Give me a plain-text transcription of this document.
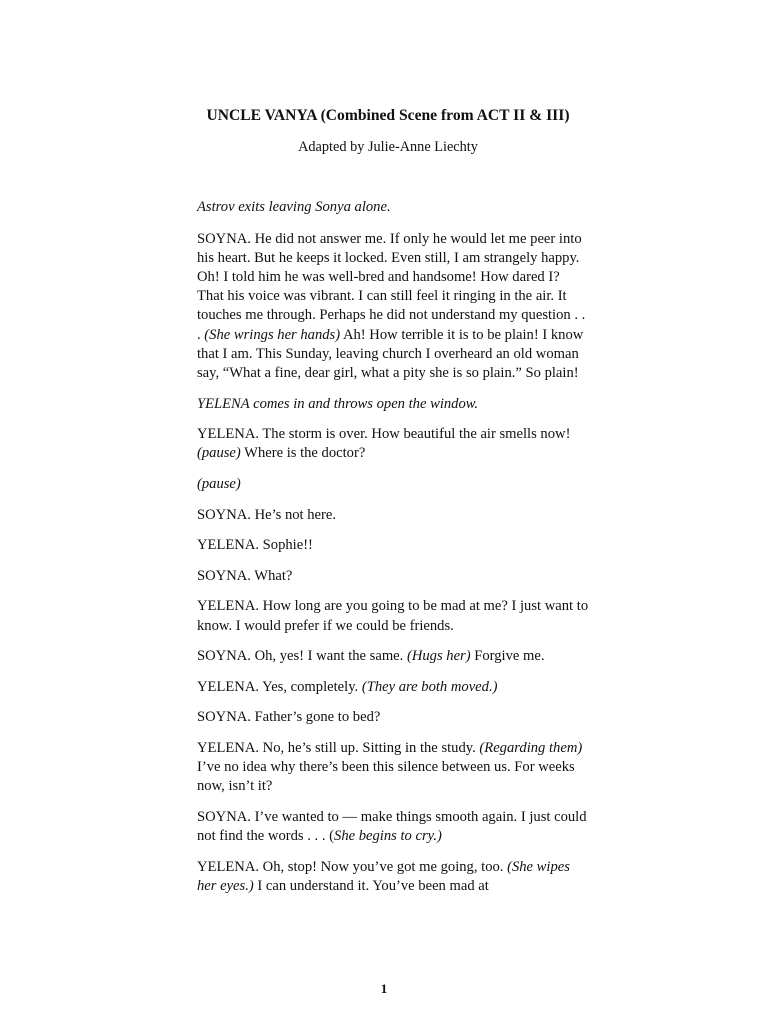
UNCLE VANYA (Combined Scene from ACT II & III)
Adapted by Julie-Anne Liechty

Astrov exits leaving Sonya alone.

SOYNA. He did not answer me. If only he would let me peer into his heart. But he keeps it locked. Even still, I am strangely happy. Oh! I told him he was well-bred and handsome! How dared I? That his voice was vibrant. I can still feel it ringing in the air. It touches me through. Perhaps he did not understand my question . . . (She wrings her hands) Ah! How terrible it is to be plain! I know that I am. This Sunday, leaving church I overheard an old woman say, “What a fine, dear girl, what a pity she is so plain.” So plain!

YELENA comes in and throws open the window.

YELENA. The storm is over. How beautiful the air smells now! (pause) Where is the doctor?

(pause)

SOYNA. He’s not here.

YELENA. Sophie!!

SOYNA. What?

YELENA. How long are you going to be mad at me? I just want to know. I would prefer if we could be friends.

SOYNA. Oh, yes! I want the same. (Hugs her) Forgive me.

YELENA. Yes, completely. (They are both moved.)

SOYNA. Father’s gone to bed?

YELENA. No, he’s still up. Sitting in the study. (Regarding them) I’ve no idea why there’s been this silence between us. For weeks now, isn’t it?

SOYNA. I’ve wanted to — make things smooth again. I just could not find the words . . . (She begins to cry.)

YELENA. Oh, stop! Now you’ve got me going, too. (She wipes her eyes.) I can understand it. You’ve been mad at

1
